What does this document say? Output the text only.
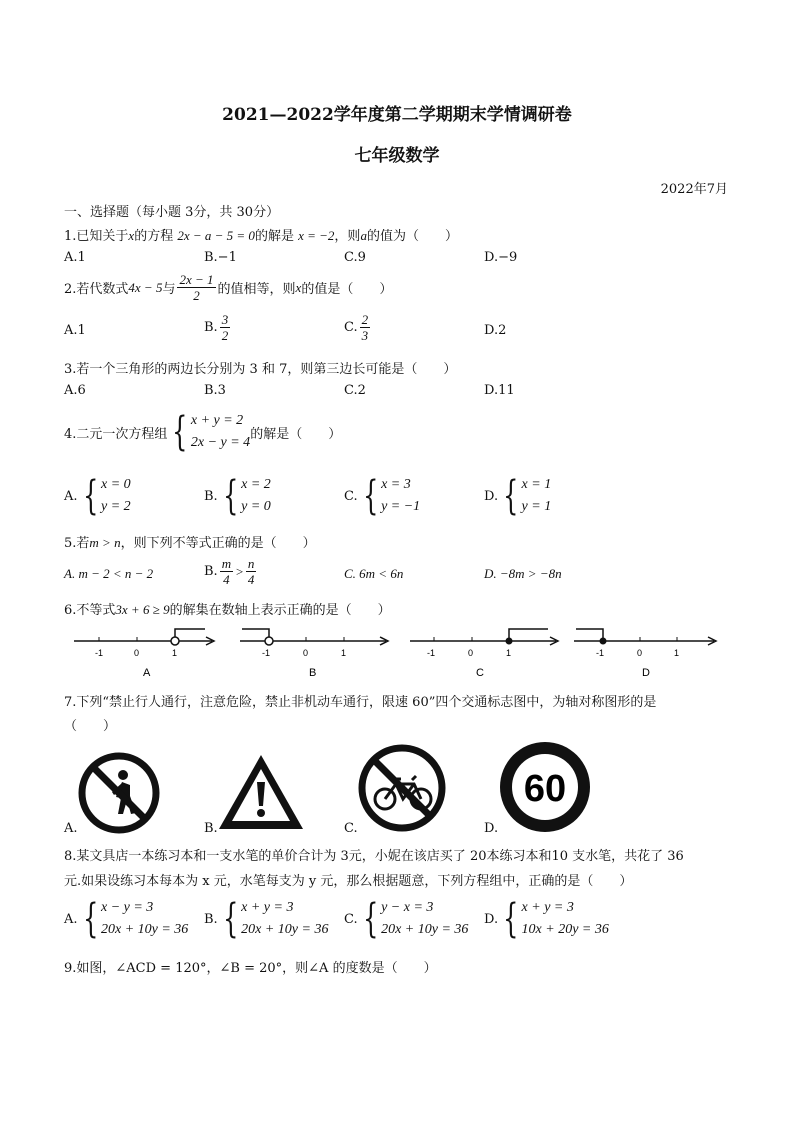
2021—2022学年度第二学期期末学情调研卷
七年级数学
2022年7月
一、选择题（每小题 3分，共 30分）
1.已知关于x的方程 2x − a − 5 = 0的解是 x = −2，则a的值为（　　）
A.1	B.−1	C.9	D.−9
2.若代数式 4x − 5 与 $\frac{2x - 1}{2}$ 的值相等，则 x 的值是（　　）
A.1	B. $\frac{3}{2}$	C. $\frac{2}{3}$	D.2
3.若一个三角形的两边长分别为 3 和 7，则第三边长可能是（　　）
A.6	B.3	C.2	D.11
4.二元一次方程组 { x + y = 2
2x − y = 4
的解是（　　）
A. { x = 0
y = 2
B. { x = 2
y = 0
C. { x = 3
y = −1
D. { x = 1
y = 1
5.若m > n，则下列不等式正确的是（　　）
A. m − 2 < n − 2	B. $\frac{m}{4} > \frac{n}{4}$	C. 6m < 6n	D. −8m > −8n
6.不等式3x + 6 ≥ 9的解集在数轴上表示正确的是（　　）
-1	0	1
A
-1	0	1
B
-1	0	1
C
-1	0	1
D
7.下列“禁止行人通行，注意危险，禁止非机动车通行，限速 60”四个交通标志图中，为轴对称图形的是
（　　）
60
A.	B.	C.	D.
8.某文具店一本练习本和一支水笔的单价合计为 3元，小妮在该店买了 20本练习本和10 支水笔，共花了 36
元.如果设练习本每本为 x 元，水笔每支为 y 元，那么根据题意，下列方程组中，正确的是（　　）
A. { x − y = 3
20x + 10y = 36
B. { x + y = 3
20x + 10y = 36
C. { y − x = 3
20x + 10y = 36
D. { x + y = 3
10x + 20y = 36
9.如图，∠ACD = 120°，∠B = 20°，则∠A 的度数是（　　）
